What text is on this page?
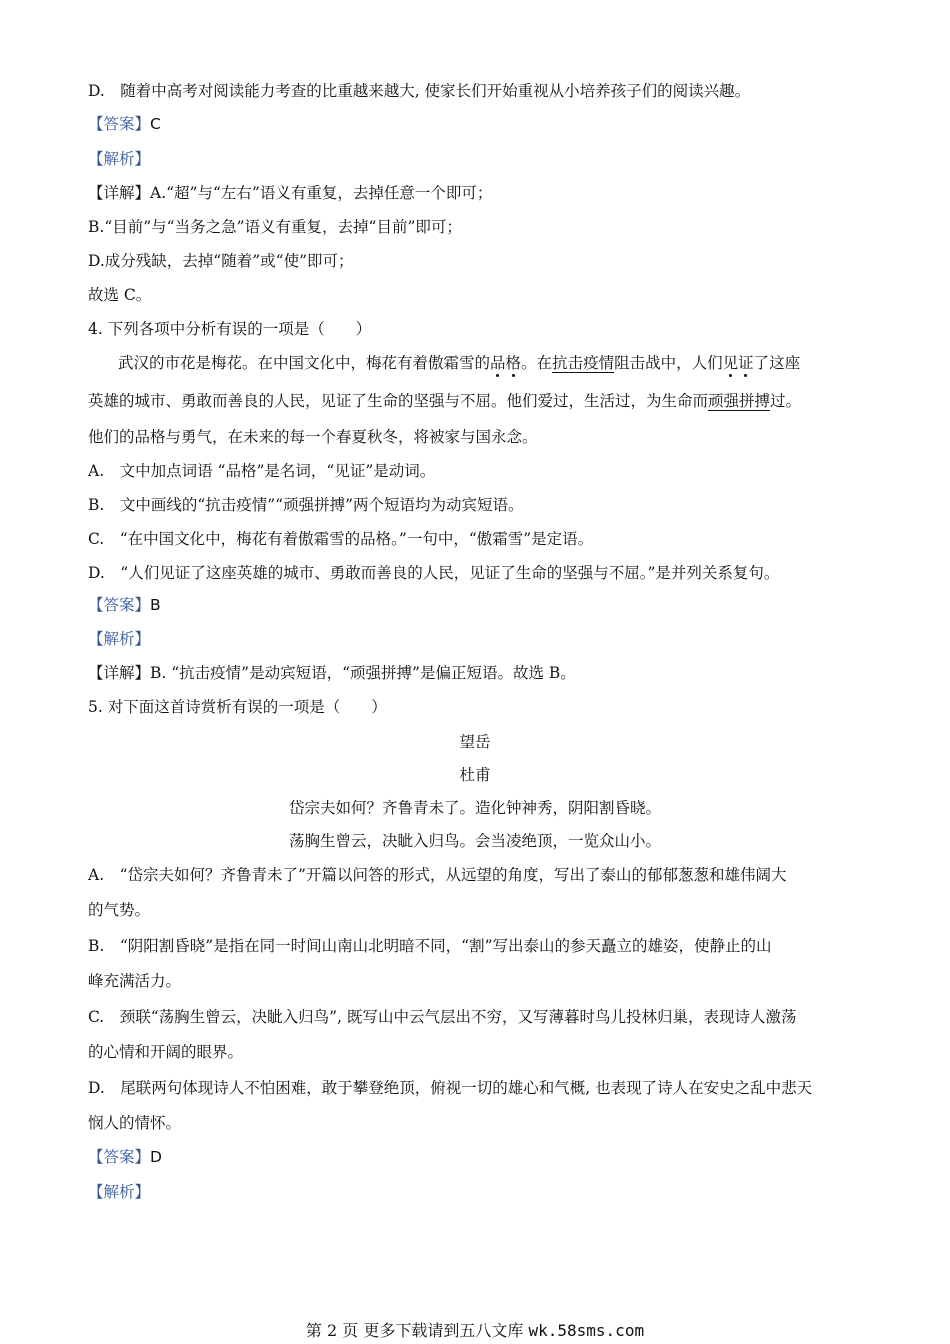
D.　随着中高考对阅读能力考查的比重越来越大, 使家长们开始重视从小培养孩子们的阅读兴趣。
【答案】C
【解析】
【详解】A.“超”与“左右”语义有重复，去掉任意一个即可；
B.“目前”与“当务之急”语义有重复，去掉“目前”即可；
D.成分残缺，去掉“随着”或“使”即可；
故选 C。
4. 下列各项中分析有误的一项是（　　）
武汉的市花是梅花。在中国文化中，梅花有着傲霜雪的品格。在抗击疫情阻击战中，人们见证了这座
英雄的城市、勇敢而善良的人民，见证了生命的坚强与不屈。他们爱过，生活过，为生命而顽强拼搏过。
他们的品格与勇气，在未来的每一个春夏秋冬，将被家与国永念。
A.　文中加点词语 “品格”是名词，“见证”是动词。
B.　文中画线的“抗击疫情”“顽强拼搏”两个短语均为动宾短语。
C.　“在中国文化中，梅花有着傲霜雪的品格。”一句中，“傲霜雪”是定语。
D.　“人们见证了这座英雄的城市、勇敢而善良的人民，见证了生命的坚强与不屈。”是并列关系复句。
【答案】B
【解析】
【详解】B. “抗击疫情”是动宾短语，“顽强拼搏”是偏正短语。故选 B。
5. 对下面这首诗赏析有误的一项是（　　）
望岳
杜甫
岱宗夫如何？齐鲁青未了。造化钟神秀，阴阳割昏晓。
荡胸生曾云，决眦入归鸟。会当凌绝顶，一览众山小。
A.　“岱宗夫如何？齐鲁青未了”开篇以问答的形式，从远望的角度，写出了泰山的郁郁葱葱和雄伟阔大
的气势。
B.　“阴阳割昏晓”是指在同一时间山南山北明暗不同，“割”写出泰山的参天矗立的雄姿，使静止的山
峰充满活力。
C.　颈联“荡胸生曾云，决眦入归鸟”, 既写山中云气层出不穷，又写薄暮时鸟儿投林归巢，表现诗人激荡
的心情和开阔的眼界。
D.　尾联两句体现诗人不怕困难，敢于攀登绝顶，俯视一切的雄心和气概, 也表现了诗人在安史之乱中悲天
悯人的情怀。
【答案】D
【解析】
第 2 页 更多下载请到五八文库 wk.58sms.com
